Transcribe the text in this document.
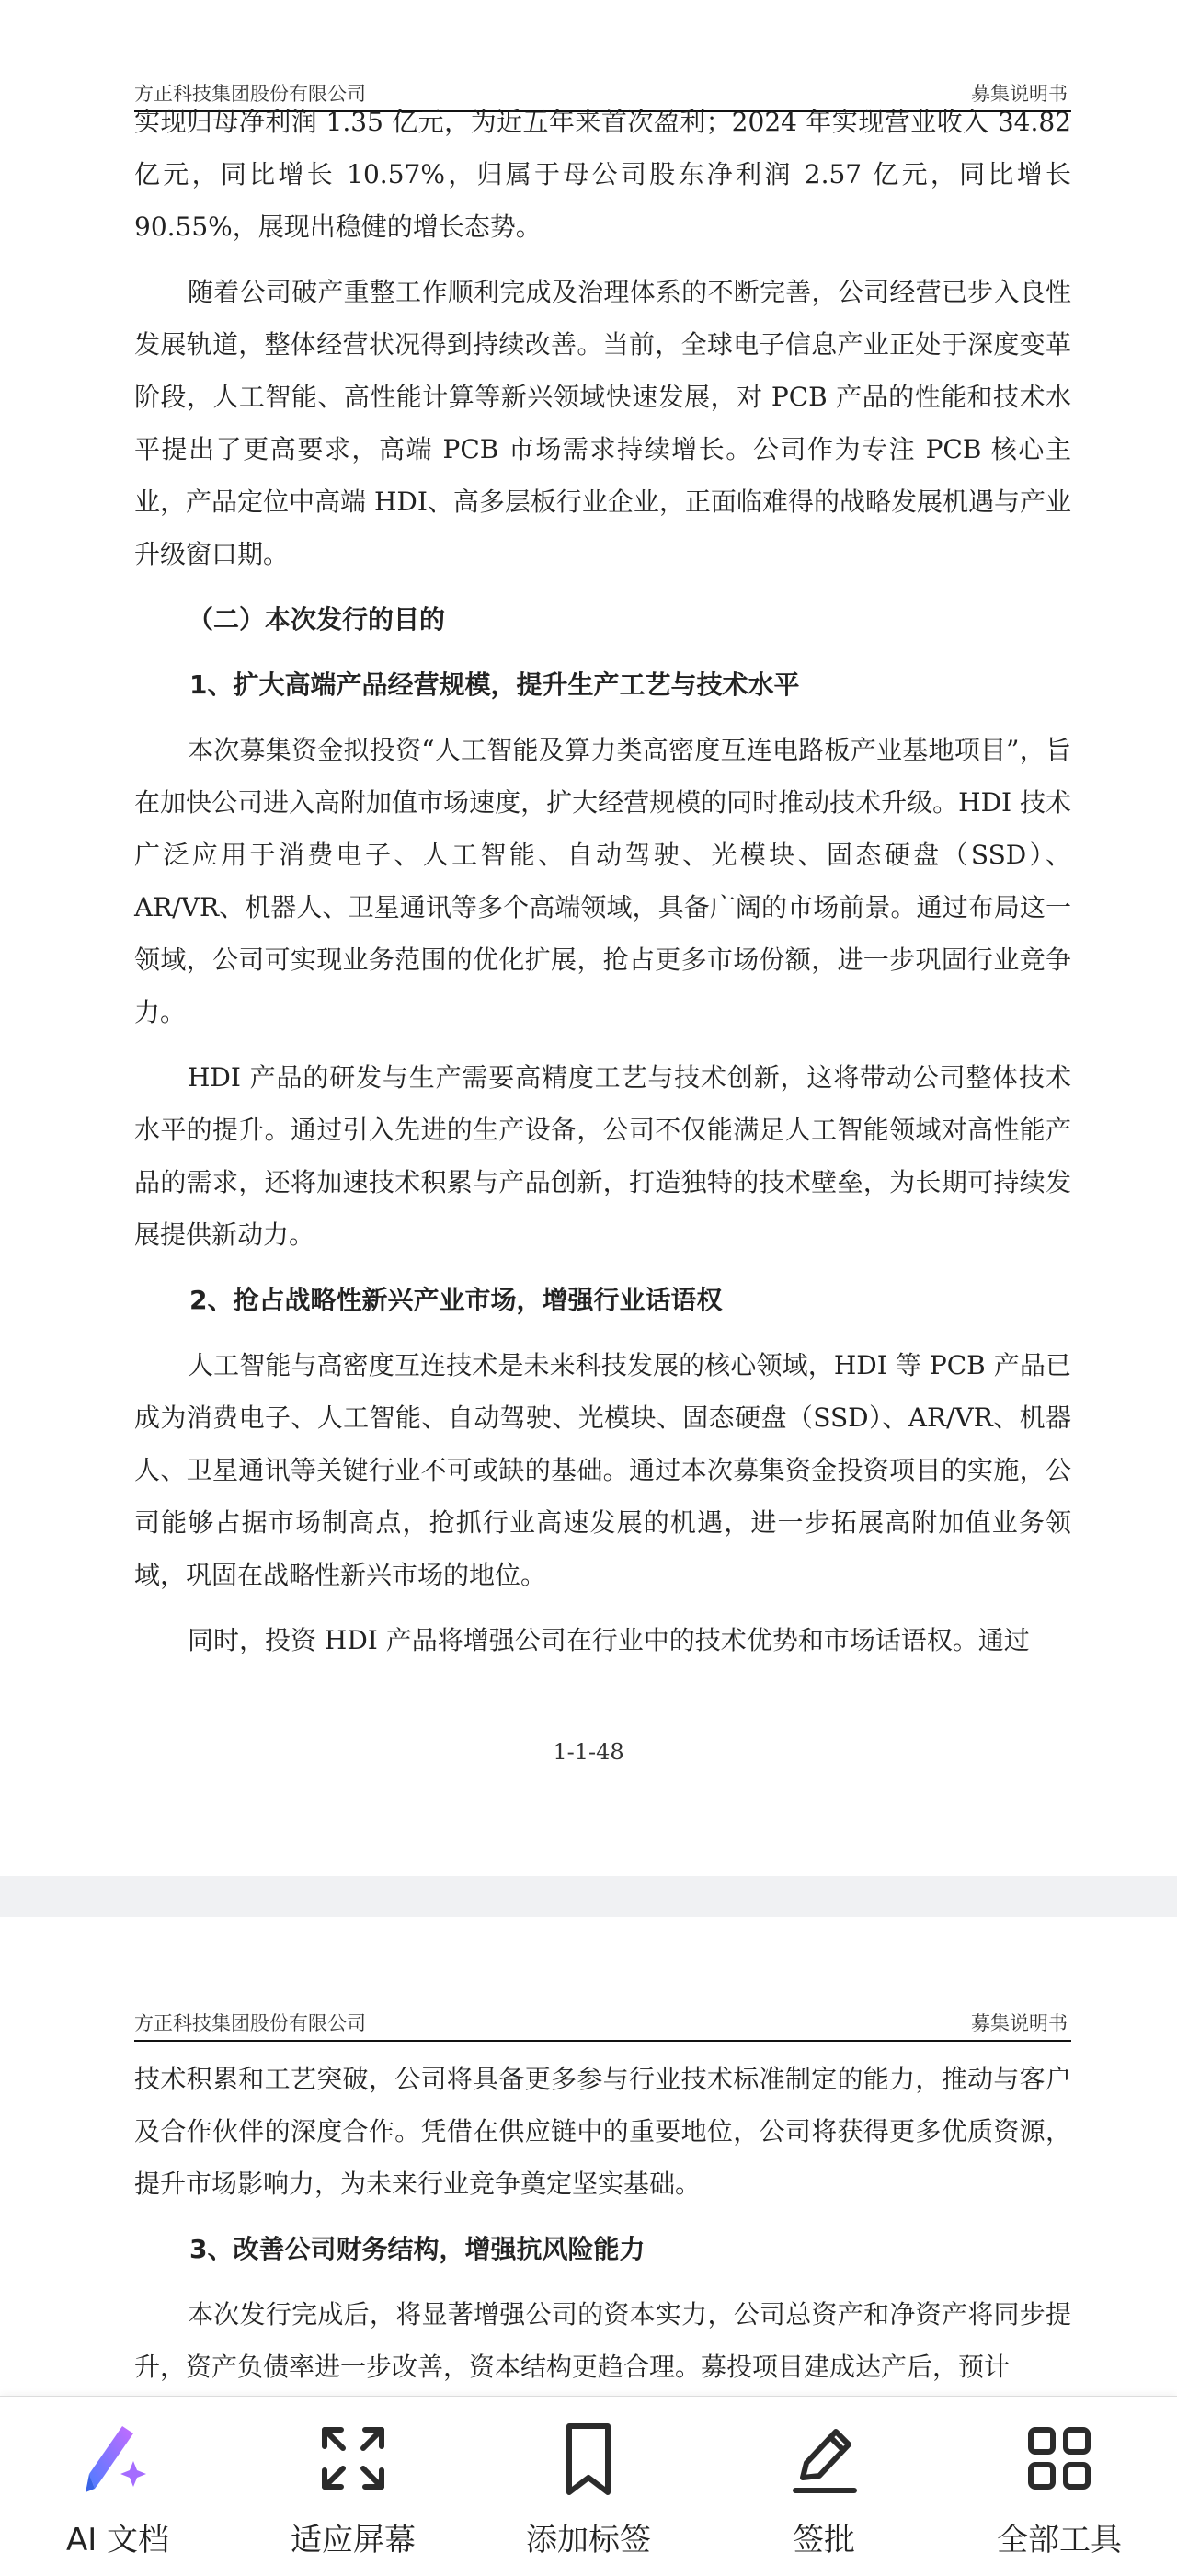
方正科技集团股份有限公司	募集说明书

实现归母净利润 1.35 亿元，为近五年来首次盈利；2024 年实现营业收入 34.82 亿元，同比增长 10.57%，归属于母公司股东净利润 2.57 亿元，同比增长 90.55%，展现出稳健的增长态势。

随着公司破产重整工作顺利完成及治理体系的不断完善，公司经营已步入良性发展轨道，整体经营状况得到持续改善。当前，全球电子信息产业正处于深度变革阶段，人工智能、高性能计算等新兴领域快速发展，对 PCB 产品的性能和技术水平提出了更高要求，高端 PCB 市场需求持续增长。公司作为专注 PCB 核心主业，产品定位中高端 HDI、高多层板行业企业，正面临难得的战略发展机遇与产业升级窗口期。

（二）本次发行的目的
1、扩大高端产品经营规模，提升生产工艺与技术水平

本次募集资金拟投资“人工智能及算力类高密度互连电路板产业基地项目”，旨在加快公司进入高附加值市场速度，扩大经营规模的同时推动技术升级。HDI 技术广泛应用于消费电子、人工智能、自动驾驶、光模块、固态硬盘（SSD）、AR/VR、机器人、卫星通讯等多个高端领域，具备广阔的市场前景。通过布局这一领域，公司可实现业务范围的优化扩展，抢占更多市场份额，进一步巩固行业竞争力。

HDI 产品的研发与生产需要高精度工艺与技术创新，这将带动公司整体技术水平的提升。通过引入先进的生产设备，公司不仅能满足人工智能领域对高性能产品的需求，还将加速技术积累与产品创新，打造独特的技术壁垒，为长期可持续发展提供新动力。

2、抢占战略性新兴产业市场，增强行业话语权

人工智能与高密度互连技术是未来科技发展的核心领域，HDI 等 PCB 产品已成为消费电子、人工智能、自动驾驶、光模块、固态硬盘（SSD）、AR/VR、机器人、卫星通讯等关键行业不可或缺的基础。通过本次募集资金投资项目的实施，公司能够占据市场制高点，抢抓行业高速发展的机遇，进一步拓展高附加值业务领域，巩固在战略性新兴市场的地位。

同时，投资 HDI 产品将增强公司在行业中的技术优势和市场话语权。通过

1-1-48
方正科技集团股份有限公司	募集说明书

技术积累和工艺突破，公司将具备更多参与行业技术标准制定的能力，推动与客户及合作伙伴的深度合作。凭借在供应链中的重要地位，公司将获得更多优质资源，提升市场影响力，为未来行业竞争奠定坚实基础。

3、改善公司财务结构，增强抗风险能力

本次发行完成后，将显著增强公司的资本实力，公司总资产和净资产将同步提升，资产负债率进一步改善，资本结构更趋合理。募投项目建成达产后，预计

AI 文档	适应屏幕	添加标签	签批	全部工具
